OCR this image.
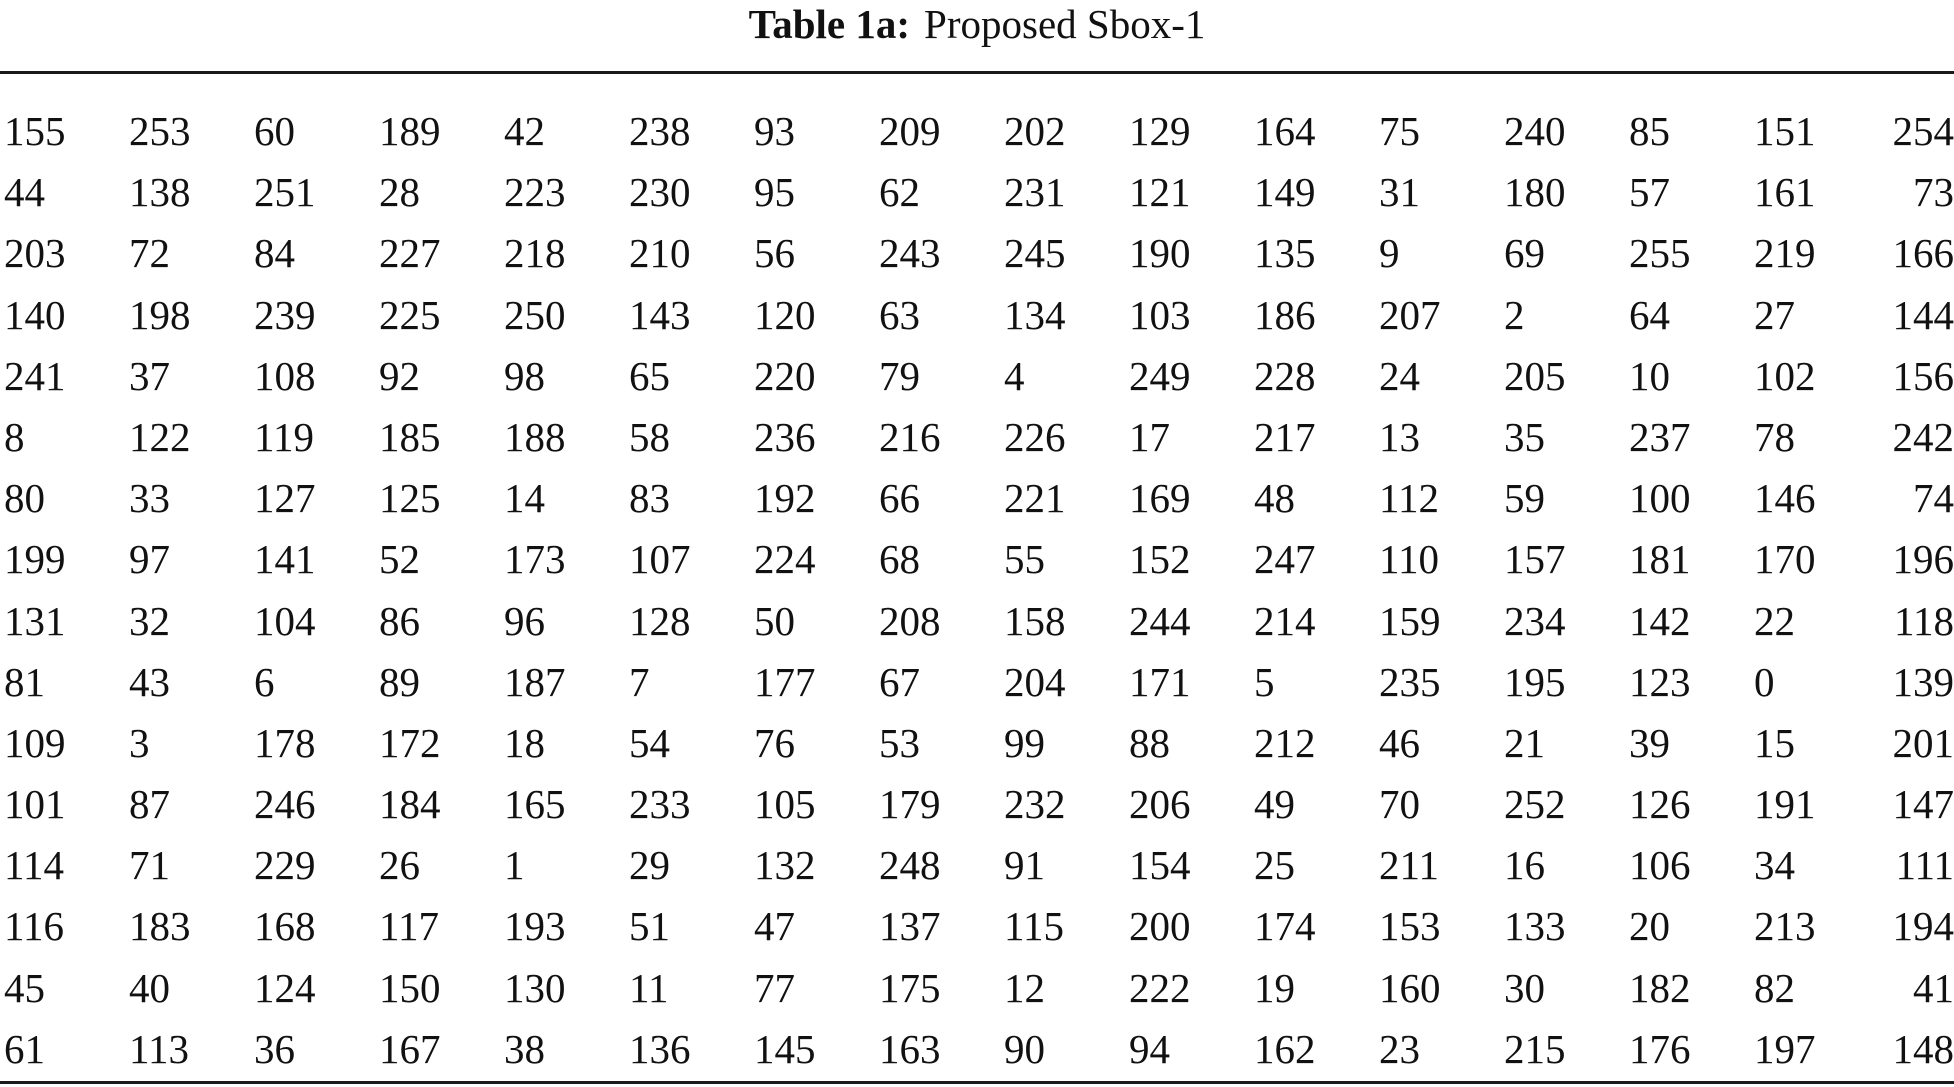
Table 1a: Proposed Sbox-1
155	253	60	189	42	238	93	209	202	129	164	75	240	85	151	254
44	138	251	28	223	230	95	62	231	121	149	31	180	57	161	73
203	72	84	227	218	210	56	243	245	190	135	9	69	255	219	166
140	198	239	225	250	143	120	63	134	103	186	207	2	64	27	144
241	37	108	92	98	65	220	79	4	249	228	24	205	10	102	156
8	122	119	185	188	58	236	216	226	17	217	13	35	237	78	242
80	33	127	125	14	83	192	66	221	169	48	112	59	100	146	74
199	97	141	52	173	107	224	68	55	152	247	110	157	181	170	196
131	32	104	86	96	128	50	208	158	244	214	159	234	142	22	118
81	43	6	89	187	7	177	67	204	171	5	235	195	123	0	139
109	3	178	172	18	54	76	53	99	88	212	46	21	39	15	201
101	87	246	184	165	233	105	179	232	206	49	70	252	126	191	147
114	71	229	26	1	29	132	248	91	154	25	211	16	106	34	111
116	183	168	117	193	51	47	137	115	200	174	153	133	20	213	194
45	40	124	150	130	11	77	175	12	222	19	160	30	182	82	41
61	113	36	167	38	136	145	163	90	94	162	23	215	176	197	148
